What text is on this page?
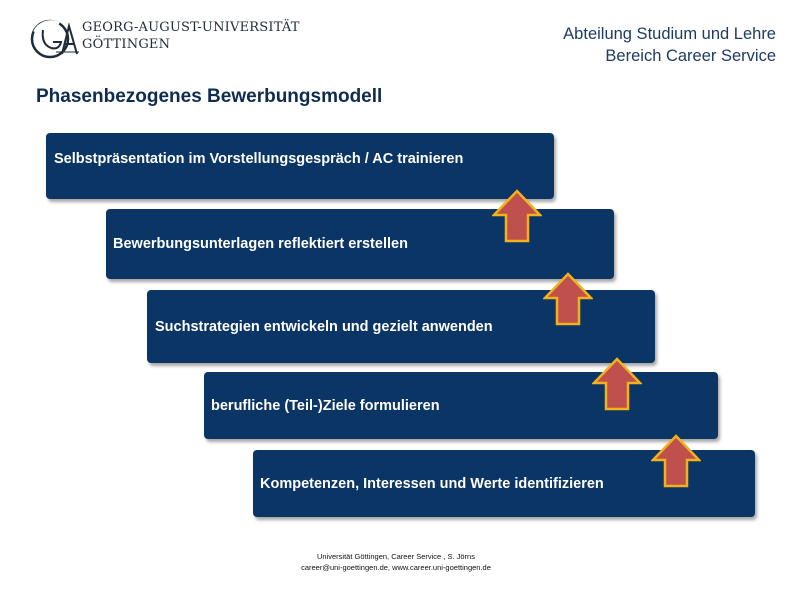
GEORG-AUGUST-UNIVERSITÄT
GÖTTINGEN
Abteilung Studium und Lehre
Bereich Career Service
Phasenbezogenes Bewerbungsmodell
Selbstpräsentation im Vorstellungsgespräch / AC trainieren
Bewerbungsunterlagen reflektiert erstellen
Suchstrategien entwickeln und gezielt anwenden
berufliche (Teil-)Ziele formulieren
Kompetenzen, Interessen und Werte identifizieren
Universität Göttingen, Career Service , S. Jörns
career@uni-goettingen.de, www.career.uni-goettingen.de
